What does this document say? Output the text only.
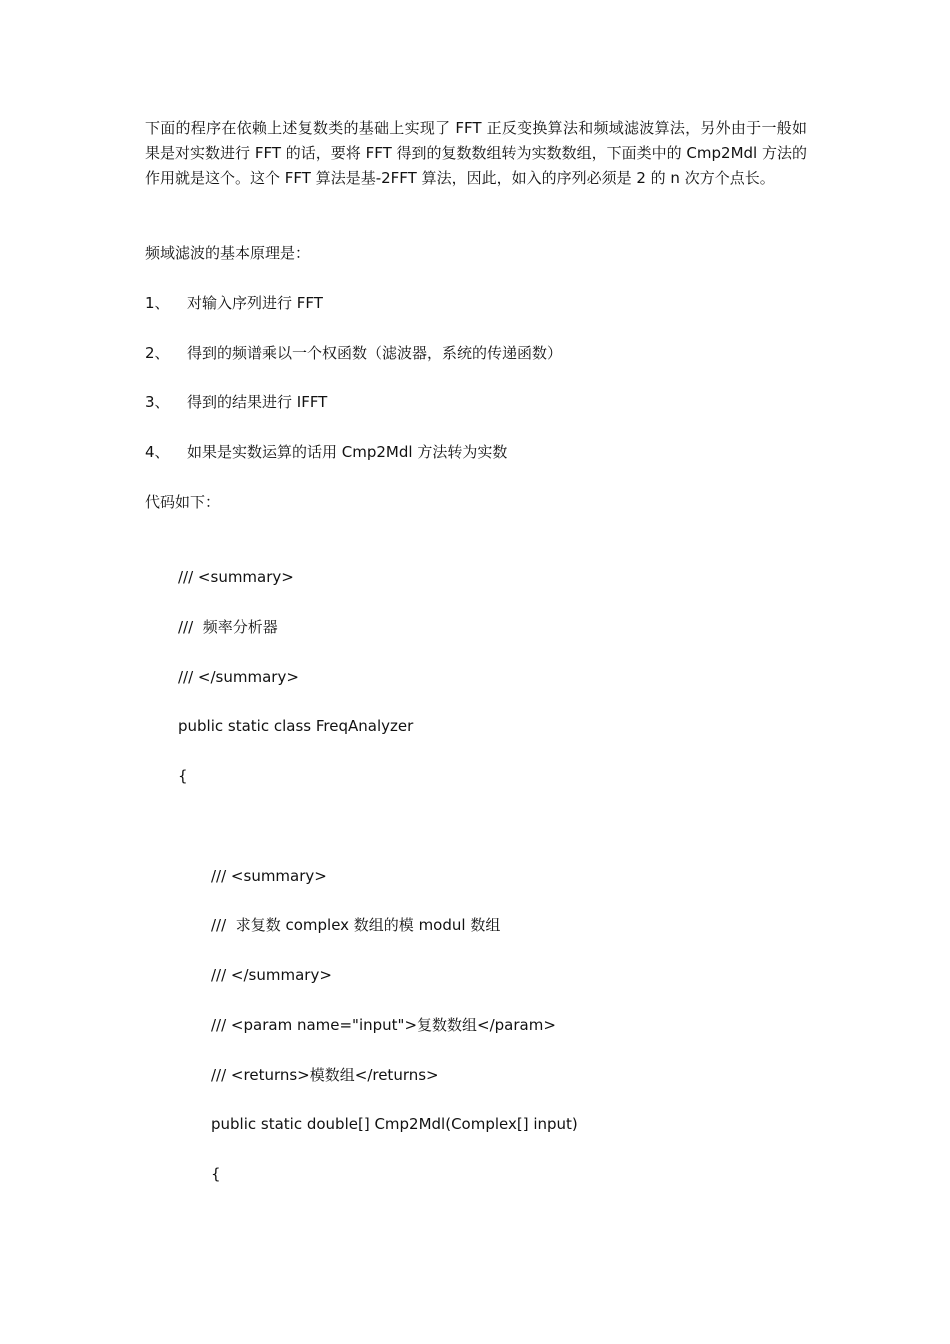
下面的程序在依赖上述复数类的基础上实现了 FFT 正反变换算法和频域滤波算法，另外由于一般如果是对实数进行 FFT 的话，要将 FFT 得到的复数数组转为实数数组，下面类中的 Cmp2Mdl 方法的作用就是这个。这个 FFT 算法是基-2FFT 算法，因此，如入的序列必须是 2 的 n 次方个点长。

频域滤波的基本原理是：
1、 对输入序列进行 FFT
2、 得到的频谱乘以一个权函数（滤波器，系统的传递函数）
3、 得到的结果进行 IFFT
4、 如果是实数运算的话用 Cmp2Mdl 方法转为实数
代码如下：
/// <summary>
///  频率分析器
/// </summary>
public static class FreqAnalyzer
{
/// <summary>
///  求复数 complex 数组的模 modul 数组
/// </summary>
/// <param name="input">复数数组</param>
/// <returns>模数组</returns>
public static double[] Cmp2Mdl(Complex[] input)
{
